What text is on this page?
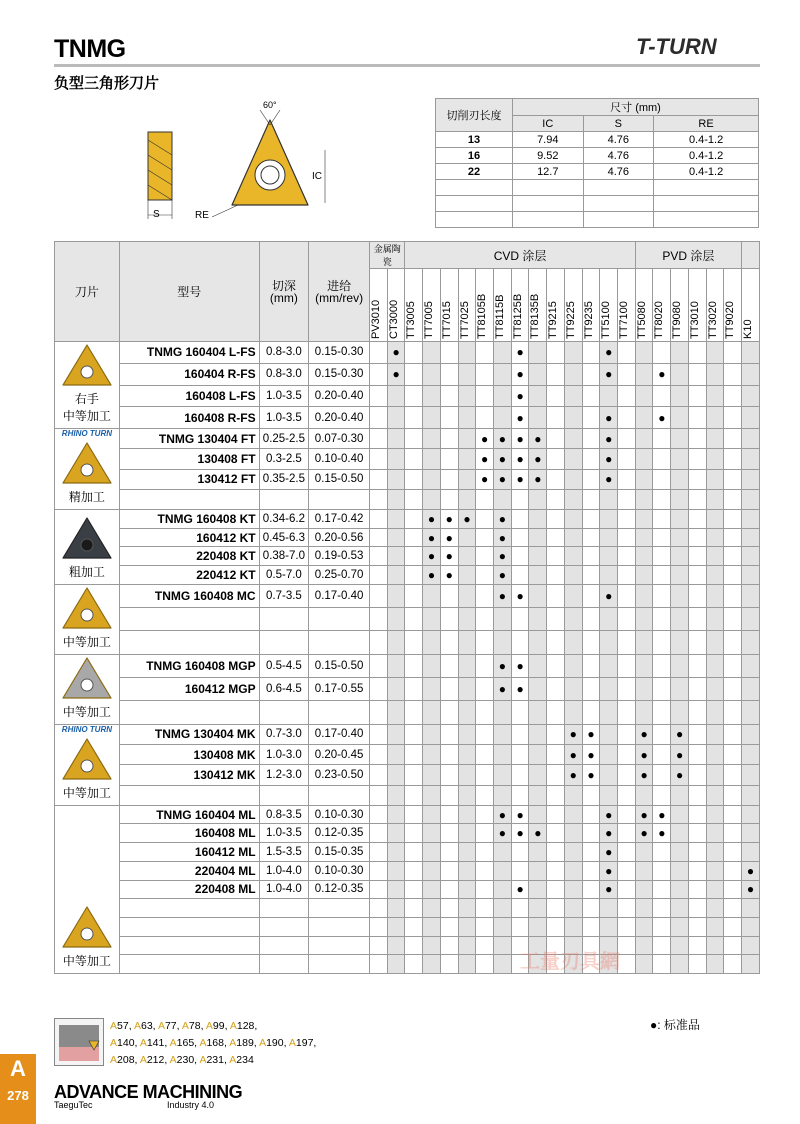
TNMG	T-TURN
负型三角形刀片
S
60°
IC
RE
切削刃长度	尺寸 (mm)		
	IC	S	RE
13	7.94	4.76	0.4-1.2
16	9.52	4.76	0.4-1.2
22	12.7	4.76	0.4-1.2

刀片	型号	切深
(mm)	进给
(mm/rev)	金属陶瓷		CVD 涂层													PVD 涂层						

				PV3010	CT3000	TT3005	TT7005	TT7015	TT7025	TT8105B	TT8115B	TT8125B	TT8135B	TT9215	TT9225	TT9235	TT5100	TT7100	TT5080	TT8020	TT9080	TT3010	TT3020	TT9020	K10

右手
中等加工	TNMG 160404 L-FS	0.8-3.0	0.15-0.30		●							●					●								
	160404 R-FS	0.8-3.0	0.15-0.30		●							●					●			●					
	160408 L-FS	1.0-3.5	0.20-0.40									●													
	160408 R-FS	1.0-3.5	0.20-0.40									●					●			●					

RHINO TURN
精加工	TNMG 130404 FT	0.25-2.5	0.07-0.30							●	●	●	●				●								
	130408 FT	0.3-2.5	0.10-0.40							●	●	●	●				●								
	130412 FT	0.35-2.5	0.15-0.50							●	●	●	●				●								

粗加工	TNMG 160408 KT	0.34-6.2	0.17-0.42				●	●	●		●														
	160412 KT	0.45-6.3	0.20-0.56				●	●			●														
	220408 KT	0.38-7.0	0.19-0.53				●	●			●														
	220412 KT	0.5-7.0	0.25-0.70				●	●			●														

中等加工	TNMG 160408 MC	0.7-3.5	0.17-0.40								●	●					●								

中等加工	TNMG 160408 MGP	0.5-4.5	0.15-0.50								●	●													
	160412 MGP	0.6-4.5	0.17-0.55								●	●													

RHINO TURN
中等加工	TNMG 130404 MK	0.7-3.0	0.17-0.40												●	●			●		●				
	130408 MK	1.0-3.0	0.20-0.45												●	●			●		●				
	130412 MK	1.2-3.0	0.23-0.50												●	●			●		●				

中等加工	TNMG 160404 ML	0.8-3.5	0.10-0.30								●	●					●		●	●					
	160408 ML	1.0-3.5	0.12-0.35								●	●	●				●		●	●					
	160412 ML	1.5-3.5	0.15-0.35														●								
	220404 ML	1.0-4.0	0.10-0.30														●								●
	220408 ML	1.0-4.0	0.12-0.35									●					●								●

工量刃具網
●: 标准品
A57, A63, A77, A78, A99, A128,
A140, A141, A165, A168, A189, A190, A197,
A208, A212, A230, A231, A234
A
278	ADVANCE MACHINING
TaeguTec	Industry 4.0
